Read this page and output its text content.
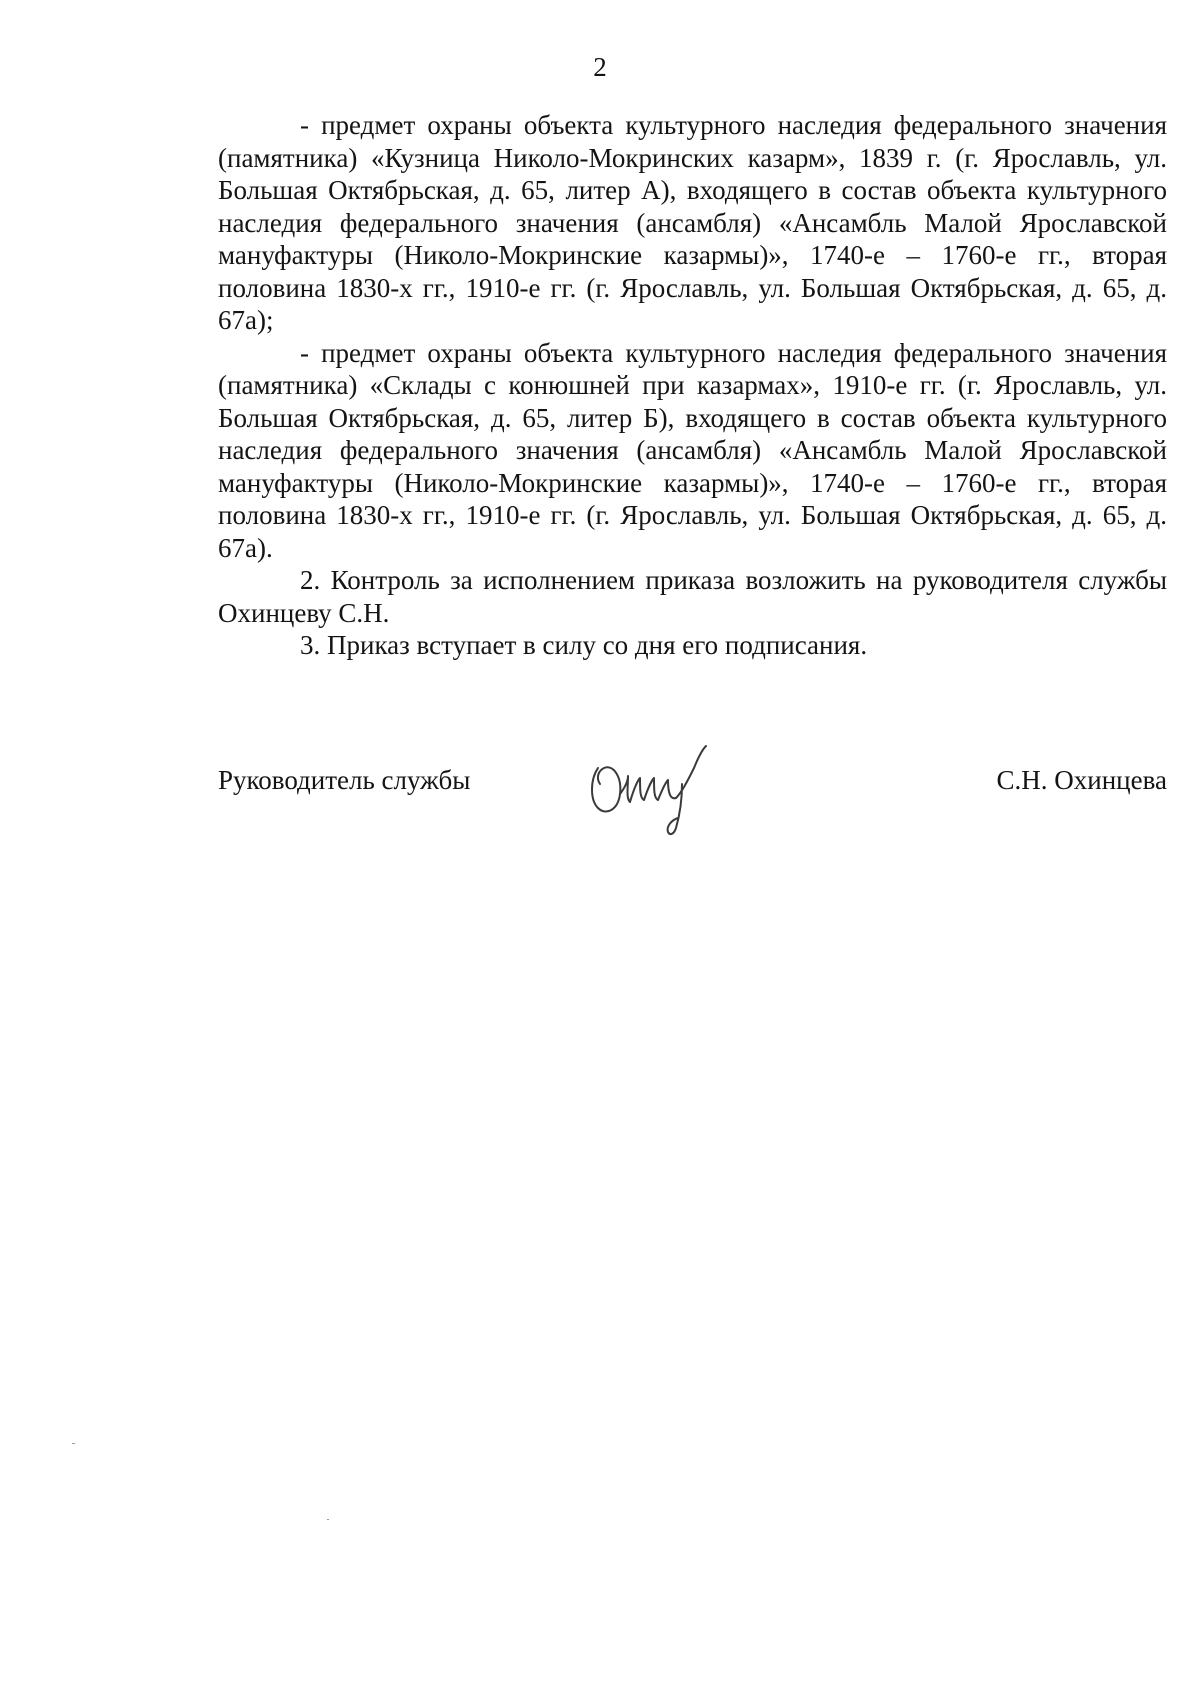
2

- предмет охраны объекта культурного наследия федерального значения (памятника) «Кузница Николо-Мокринских казарм», 1839 г. (г. Ярославль, ул. Большая Октябрьская, д. 65, литер А), входящего в состав объекта культурного наследия федерального значения (ансамбля) «Ансамбль Малой Ярославской мануфактуры (Николо-Мокринские казармы)», 1740-е – 1760-е гг., вторая половина 1830-х гг., 1910-е гг. (г. Ярославль, ул. Большая Октябрьская, д. 65, д. 67а);

- предмет охраны объекта культурного наследия федерального значения (памятника) «Склады с конюшней при казармах», 1910-е гг. (г. Ярославль, ул. Большая Октябрьская, д. 65, литер Б), входящего в состав объекта культурного наследия федерального значения (ансамбля) «Ансамбль Малой Ярославской мануфактуры (Николо-Мокринские казармы)», 1740-е – 1760-е гг., вторая половина 1830-х гг., 1910-е гг. (г. Ярославль, ул. Большая Октябрьская, д. 65, д. 67а).

2. Контроль за исполнением приказа возложить на руководителя службы Охинцеву С.Н.

3. Приказ вступает в силу со дня его подписания.

Руководитель службы	С.Н. Охинцева
